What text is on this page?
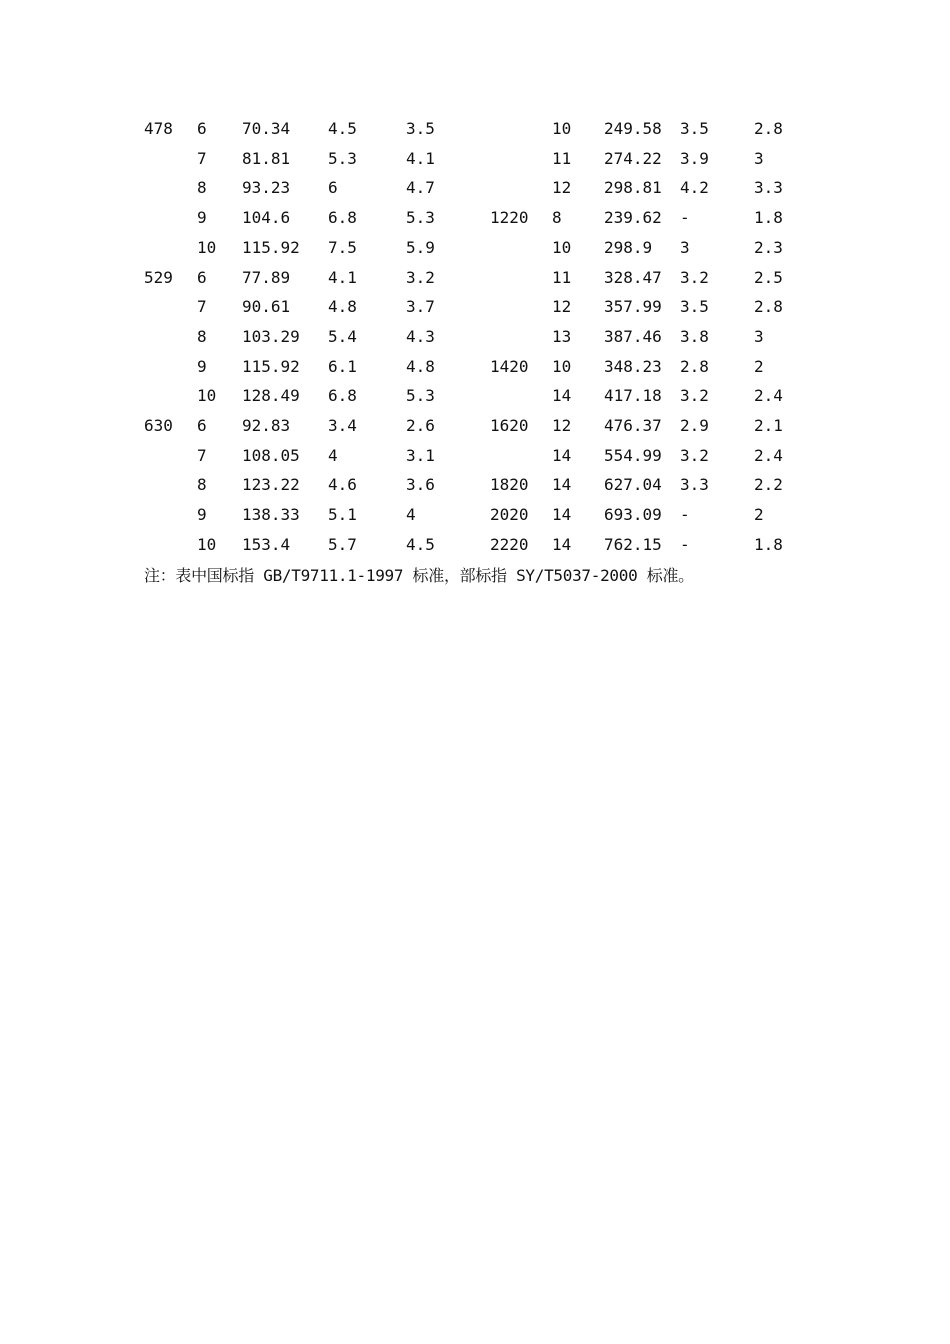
478	6	70.34	4.5	3.5		10	249.58	3.5	2.8
	7	81.81	5.3	4.1		11	274.22	3.9	3
	8	93.23	6	4.7		12	298.81	4.2	3.3
	9	104.6	6.8	5.3	1220	8	239.62	-	1.8
	10	115.92	7.5	5.9		10	298.9	3	2.3
529	6	77.89	4.1	3.2		11	328.47	3.2	2.5
	7	90.61	4.8	3.7		12	357.99	3.5	2.8
	8	103.29	5.4	4.3		13	387.46	3.8	3
	9	115.92	6.1	4.8	1420	10	348.23	2.8	2
	10	128.49	6.8	5.3		14	417.18	3.2	2.4
630	6	92.83	3.4	2.6	1620	12	476.37	2.9	2.1
	7	108.05	4	3.1		14	554.99	3.2	2.4
	8	123.22	4.6	3.6	1820	14	627.04	3.3	2.2
	9	138.33	5.1	4	2020	14	693.09	-	2
	10	153.4	5.7	4.5	2220	14	762.15	-	1.8
注：表中国标指 GB/T9711.1-1997 标准，部标指 SY/T5037-2000 标准。
